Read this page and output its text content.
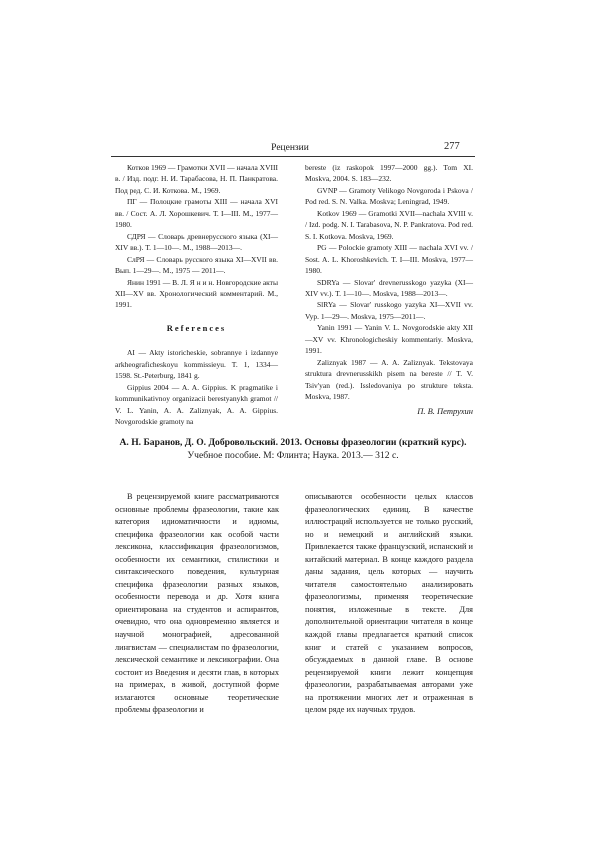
Рецензии	277

Котков 1969 — Грамотки XVII — начала XVIII в. / Изд. подг. Н. И. Тарабасова, Н. П. Панкратова. Под ред. С. И. Коткова. М., 1969.

ПГ — Полоцкие грамоты XIII — начала XVI вв. / Сост. А. Л. Хорошкевич. Т. I—III. М., 1977—1980.

СДРЯ — Словарь древнерусского языка (XI—XIV вв.). Т. 1—10—. М., 1988—2013—.

СлРЯ — Словарь русского языка XI—XVII вв. Вып. 1—29—. М., 1975 — 2011—.

Янин 1991 — В. Л. Я н и н. Новгородские акты XII—XV вв. Хронологический комментарий. М., 1991.

References

AI — Akty istoricheskie, sobrannye i izdannye arkheograficheskoyu kommissieyu. T. 1, 1334—1598. St.-Peterburg, 1841 g.

Gippius 2004 — A. A. Gippius. K pragmatike i kommunikativnoy organizacii berestyanykh gramot // V. L. Yanin, A. A. Zaliznyak, A. A. Gippius. Novgorodskie gramoty na

bereste (iz raskopok 1997—2000 gg.). Tom XI. Moskva, 2004. S. 183—232.

GVNP — Gramoty Velikogo Novgoroda i Pskova / Pod red. S. N. Valka. Moskva; Leningrad, 1949.

Kotkov 1969 — Gramotki XVII—nachala XVIII v. / Izd. podg. N. I. Tarabasova, N. P. Pankratova. Pod red. S. I. Kotkova. Moskva, 1969.

PG — Polockie gramoty XIII — nachala XVI vv. / Sost. A. L. Khoroshkevich. T. I—III. Moskva, 1977—1980.

SDRYa — Slovar' drevnerusskogo yazyka (XI—XIV vv.). T. 1—10—. Moskva, 1988—2013—.

SlRYa — Slovar' russkogo yazyka XI—XVII vv. Vyp. 1—29—. Moskva, 1975—2011—.

Yanin 1991 — Yanin V. L. Novgorodskie akty XII—XV vv. Khronologicheskiy kommentariy. Moskva, 1991.

Zaliznyak 1987 — A. A. Zaliznyak. Tekstovaya struktura drevnerusskikh pisem na bereste // T. V. Tsiv'yan (red.). Issledovaniya po strukture teksta. Moskva, 1987.

П. В. Петрухин

А. Н. Баранов, Д. О. Добровольский. 2013. Основы фразеологии (краткий курс). Учебное пособие. М: Флинта; Наука. 2013.— 312 с.

В рецензируемой книге рассматриваются основные проблемы фразеологии, такие как категория идиоматичности и идиомы, специфика фразеологии как особой части лексикона, классификация фразеологизмов, особенности их семантики, стилистики и синтаксического поведения, культурная специфика фразеологии разных языков, особенности перевода и др. Хотя книга ориентирована на студентов и аспирантов, очевидно, что она одновременно является и научной монографией, адресованной лингвистам — специалистам по фразеологии, лексической семантике и лексикографии. Она состоит из Введения и десяти глав, в которых на примерах, в живой, доступной форме излагаются основные теоретические проблемы фразеологии и

описываются особенности целых классов фразеологических единиц. В качестве иллюстраций используется не только русский, но и немецкий и английский языки. Привлекается также французский, испанский и китайский материал. В конце каждого раздела даны задания, цель которых — научить читателя самостоятельно анализировать фразеологизмы, применяя теоретические понятия, изложенные в тексте. Для дополнительной ориентации читателя в конце каждой главы предлагается краткий список книг и статей с указанием вопросов, обсуждаемых в данной главе. В основе рецензируемой книги лежит концепция фразеологии, разрабатываемая авторами уже на протяжении многих лет и отраженная в целом ряде их научных трудов.
